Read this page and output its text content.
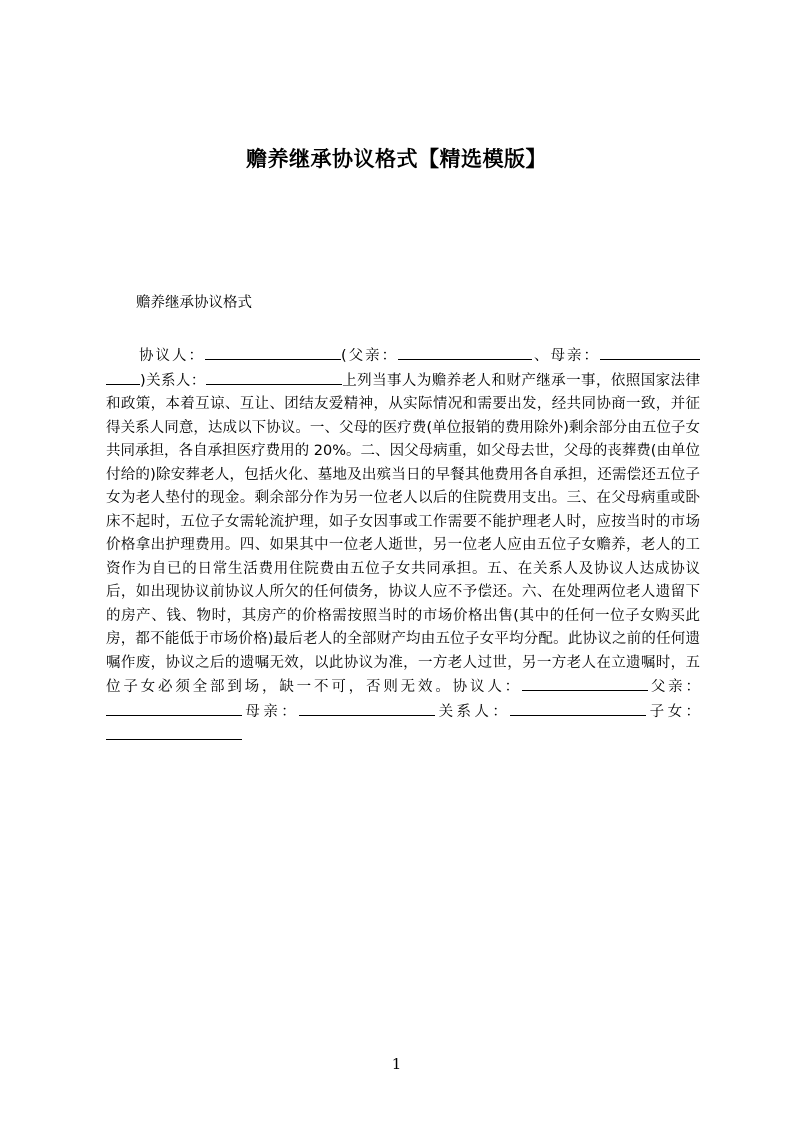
赡养继承协议格式【精选模版】

赡养继承协议格式

协议人：	(父亲：	、母亲：)关系人：	上列当事人为赡养老人和财产继承一事，依照国家法律和政策，本着互谅、互让、团结友爱精神，从实际情况和需要出发，经共同协商一致，并征得关系人同意，达成以下协议。一、父母的医疗费(单位报销的费用除外)剩余部分由五位子女共同承担，各自承担医疗费用的 20%。二、因父母病重，如父母去世，父母的丧葬费(由单位付给的)除安葬老人，包括火化、墓地及出殡当日的早餐其他费用各自承担，还需偿还五位子女为老人垫付的现金。剩余部分作为另一位老人以后的住院费用支出。三、在父母病重或卧床不起时，五位子女需轮流护理，如子女因事或工作需要不能护理老人时，应按当时的市场价格拿出护理费用。四、如果其中一位老人逝世，另一位老人应由五位子女赡养，老人的工资作为自已的日常生活费用住院费由五位子女共同承担。五、在关系人及协议人达成协议后，如出现协议前协议人所欠的任何债务，协议人应不予偿还。六、在处理两位老人遗留下的房产、钱、物时，其房产的价格需按照当时的市场价格出售(其中的任何一位子女购买此房，都不能低于市场价格)最后老人的全部财产均由五位子女平均分配。此协议之前的任何遗嘱作废，协议之后的遗嘱无效，以此协议为准，一方老人过世，另一方老人在立遗嘱时，五位子女必须全部到场，缺一不可，否则无效。协议人：	父亲：母亲：	关系人：	子女：

1
